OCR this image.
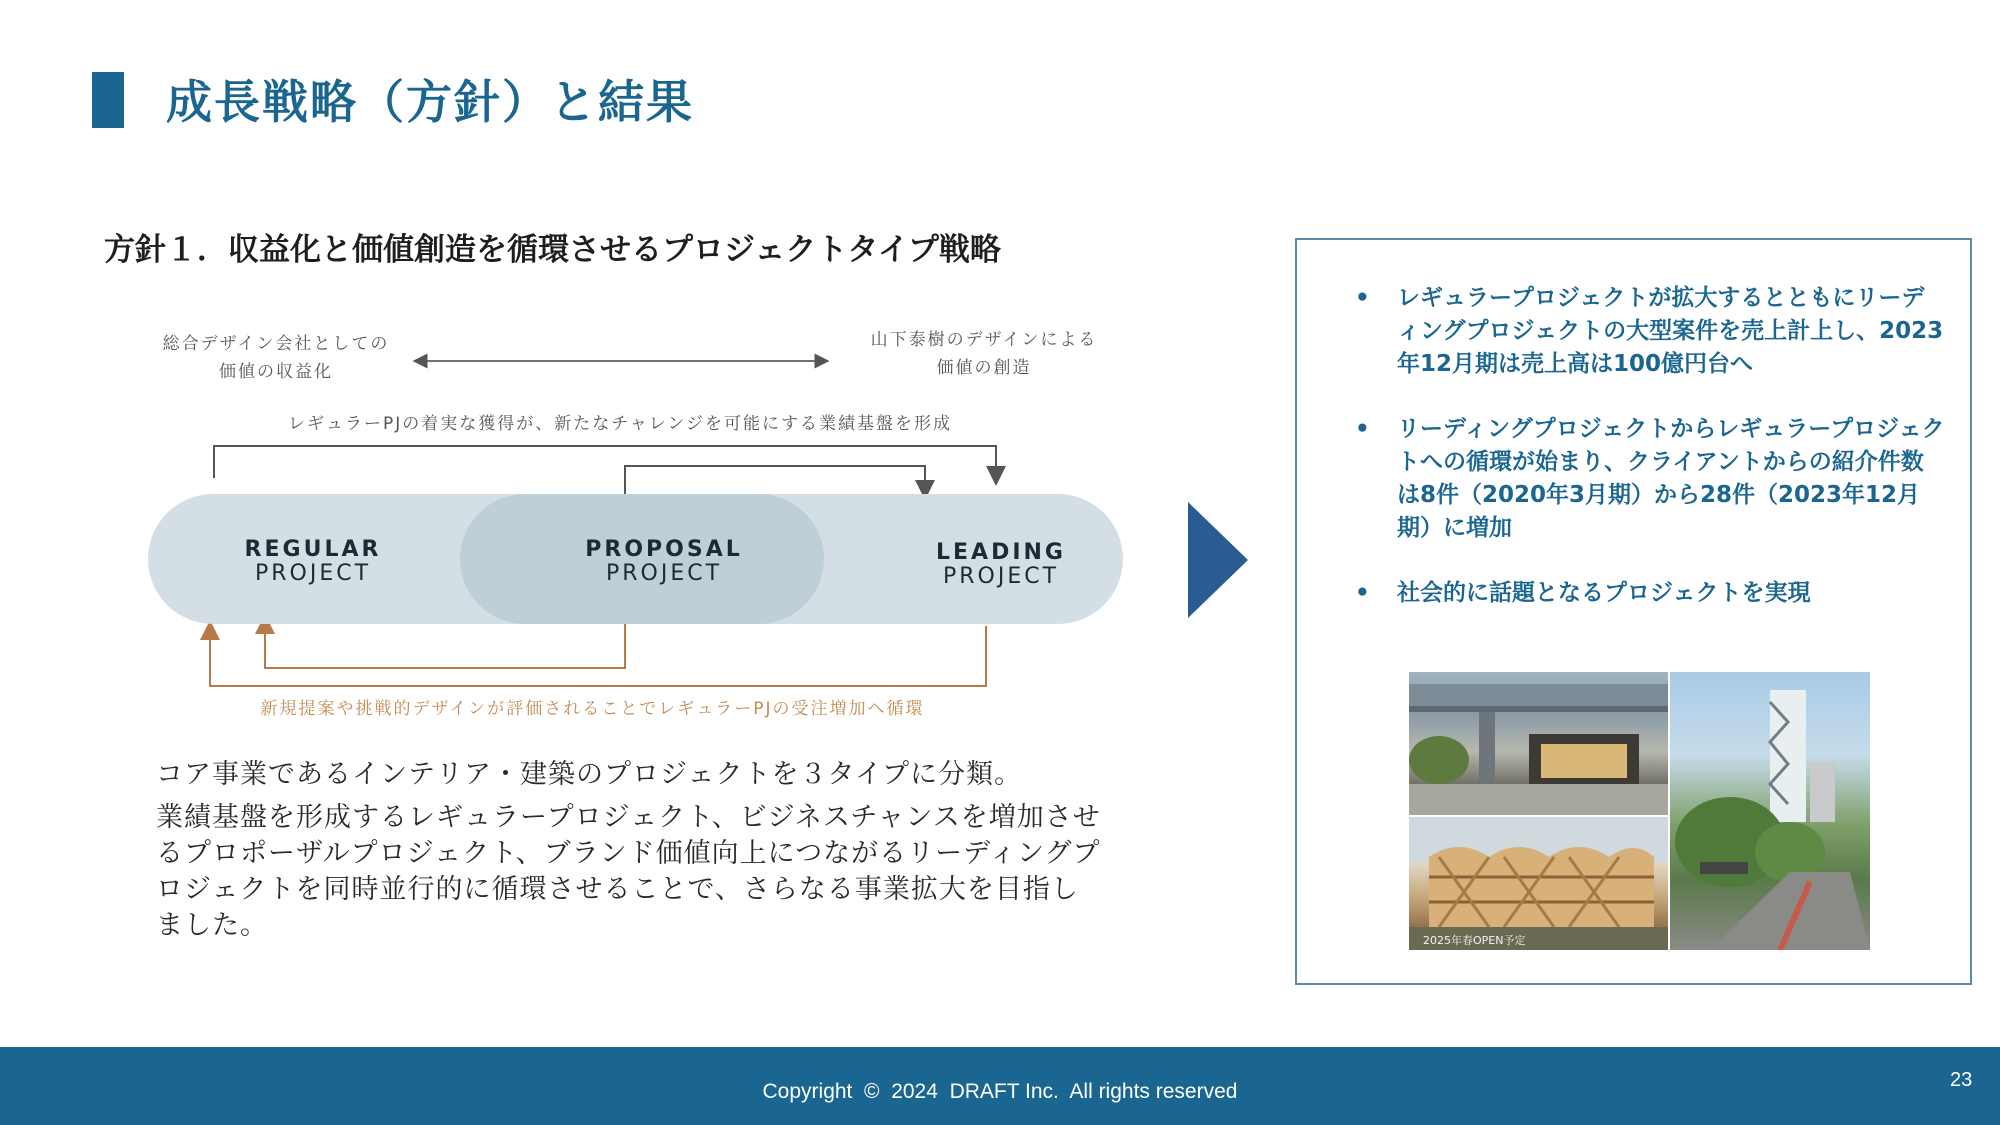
成長戦略（方針）と結果
方針１．収益化と価値創造を循環させるプロジェクトタイプ戦略
総合デザイン会社としての
価値の収益化
山下泰樹のデザインによる
価値の創造
レギュラーPJの着実な獲得が、新たなチャレンジを可能にする業績基盤を形成
REGULAR
PROJECT
PROPOSAL
PROJECT
LEADING
PROJECT
新規提案や挑戦的デザインが評価されることでレギュラーPJの受注増加へ循環
コア事業であるインテリア・建築のプロジェクトを３タイプに分類。
業績基盤を形成するレギュラープロジェクト、ビジネスチャンスを増加させるプロポーザルプロジェクト、ブランド価値向上につながるリーディングプロジェクトを同時並行的に循環させることで、さらなる事業拡大を目指しました。
• レギュラープロジェクトが拡大するとともにリーディングプロジェクトの大型案件を売上計上し、2023年12月期は売上高は100億円台へ
• リーディングプロジェクトからレギュラープロジェクトへの循環が始まり、クライアントからの紹介件数は8件（2020年3月期）から28件（2023年12月期）に増加
• 社会的に話題となるプロジェクトを実現
2025年春OPEN予定
Copyright  ©  2024  DRAFT Inc.  All rights reserved	23
